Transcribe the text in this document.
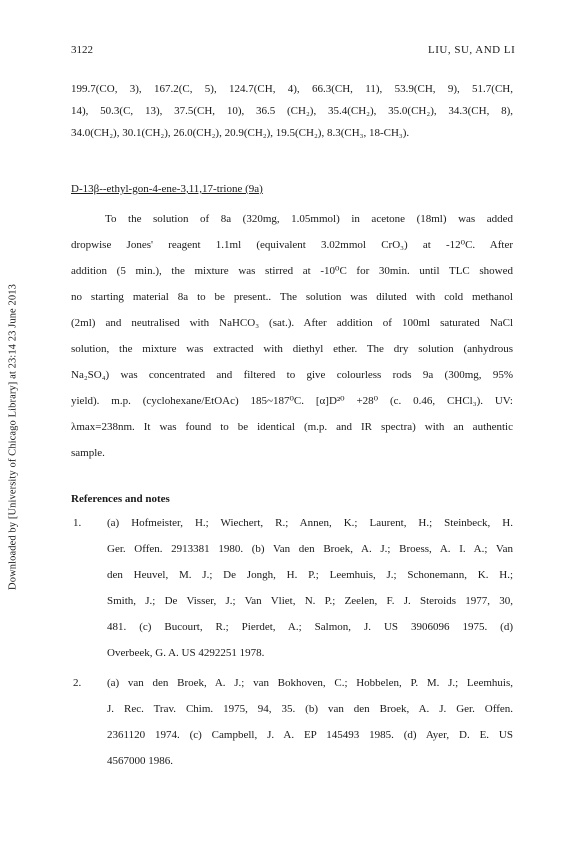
3122	LIU, SU, AND LI
Downloaded by [University of Chicago Library] at 23:14 23 June 2013
199.7(CO, 3), 167.2(C, 5), 124.7(CH, 4), 66.3(CH, 11), 53.9(CH, 9), 51.7(CH,
14), 50.3(C, 13), 37.5(CH, 10), 36.5 (CH₂), 35.4(CH₂), 35.0(CH₂), 34.3(CH, 8),
34.0(CH₂), 30.1(CH₂), 26.0(CH₂), 20.9(CH₂), 19.5(CH₂), 8.3(CH₃, 18-CH₃).
D-13β--ethyl-gon-4-ene-3,11,17-trione (9a)
To the solution of 8a (320mg, 1.05mmol) in acetone (18ml) was added
dropwise Jones' reagent 1.1ml (equivalent 3.02mmol CrO₃) at -12⁰C. After
addition (5 min.), the mixture was stirred at -10⁰C for 30min. until TLC showed
no starting material 8a to be present.. The solution was diluted with cold methanol
(2ml) and neutralised with NaHCO₃ (sat.). After addition of 100ml saturated NaCl
solution, the mixture was extracted with diethyl ether. The dry solution (anhydrous
Na₂SO₄) was concentrated and filtered to give colourless rods 9a (300mg, 95%
yield). m.p. (cyclohexane/EtOAc) 185~187⁰C. [α]D²⁰ +28⁰ (c. 0.46, CHCl₃). UV:
λmax=238nm. It was found to be identical (m.p. and IR spectra) with an authentic
sample.
References and notes
1. (a) Hofmeister, H.; Wiechert, R.; Annen, K.; Laurent, H.; Steinbeck, H.
Ger. Offen. 2913381 1980. (b) Van den Broek, A. J.; Broess, A. I. A.; Van
den Heuvel, M. J.; De Jongh, H. P.; Leemhuis, J.; Schonemann, K. H.;
Smith, J.; De Visser, J.; Van Vliet, N. P.; Zeelen, F. J. Steroids 1977, 30,
481. (c) Bucourt, R.; Pierdet, A.; Salmon, J. US 3906096 1975. (d)
Overbeek, G. A. US 4292251 1978.
2. (a) van den Broek, A. J.; van Bokhoven, C.; Hobbelen, P. M. J.; Leemhuis,
J. Rec. Trav. Chim. 1975, 94, 35. (b) van den Broek, A. J. Ger. Offen.
2361120 1974. (c) Campbell, J. A. EP 145493 1985. (d) Ayer, D. E. US
4567000 1986.
